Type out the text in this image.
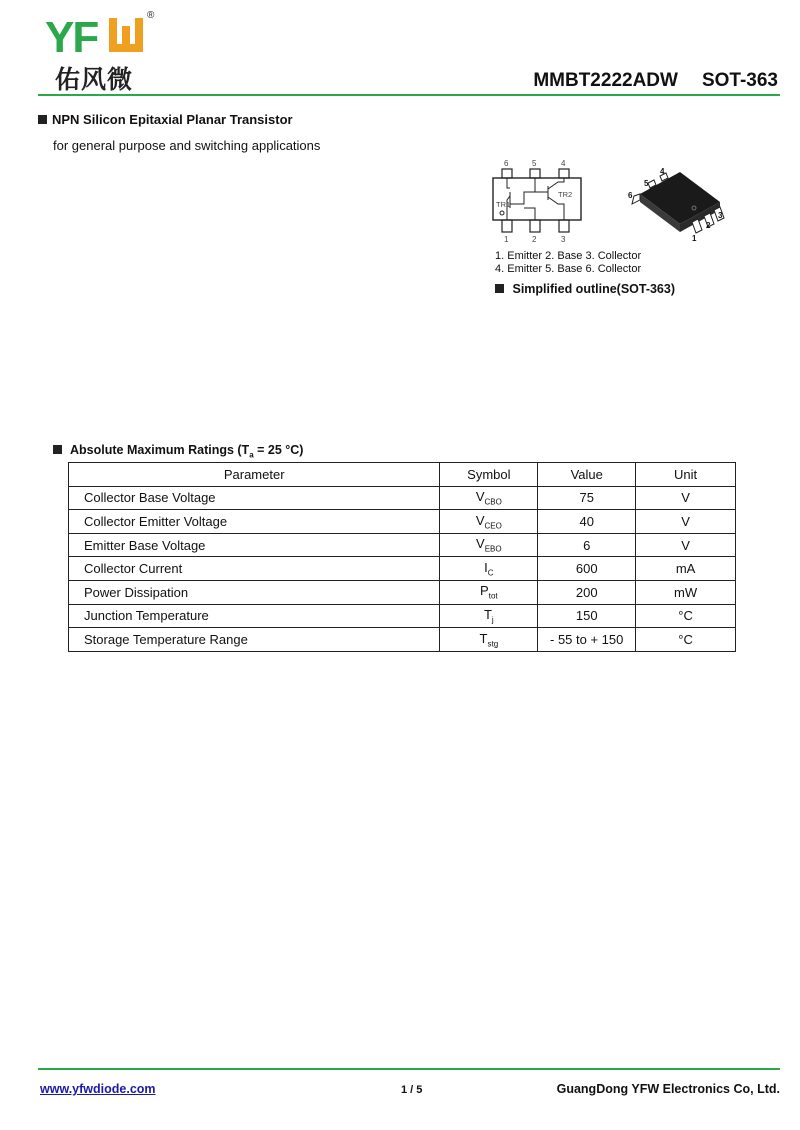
YF	®
佑风微	MMBT2222ADW SOT-363
NPN Silicon Epitaxial Planar Transistor
for general purpose and switching applications
6	5	4
1	2	3
TR1
TR2
4
5
6
1
2
3
1. Emitter 2. Base 3. Collector
4. Emitter 5. Base 6. Collector
Simplified outline(SOT-363)
Absolute Maximum Ratings ($T_a = 25$ °C)
Parameter	Symbol	Value	Unit
Collector Base Voltage	$V_{CBO}$	75	V
Collector Emitter Voltage	$V_{CEO}$	40	V
Emitter Base Voltage	$V_{EBO}$	6	V
Collector Current	$I_C$	600	mA
Power Dissipation	$P_{tot}$	200	mW
Junction Temperature	$T_j$	150	°C
Storage Temperature Range	$T_{stg}$	- 55 to + 150	°C
www.yfwdiode.com	1 / 5	GuangDong YFW Electronics Co, Ltd.
